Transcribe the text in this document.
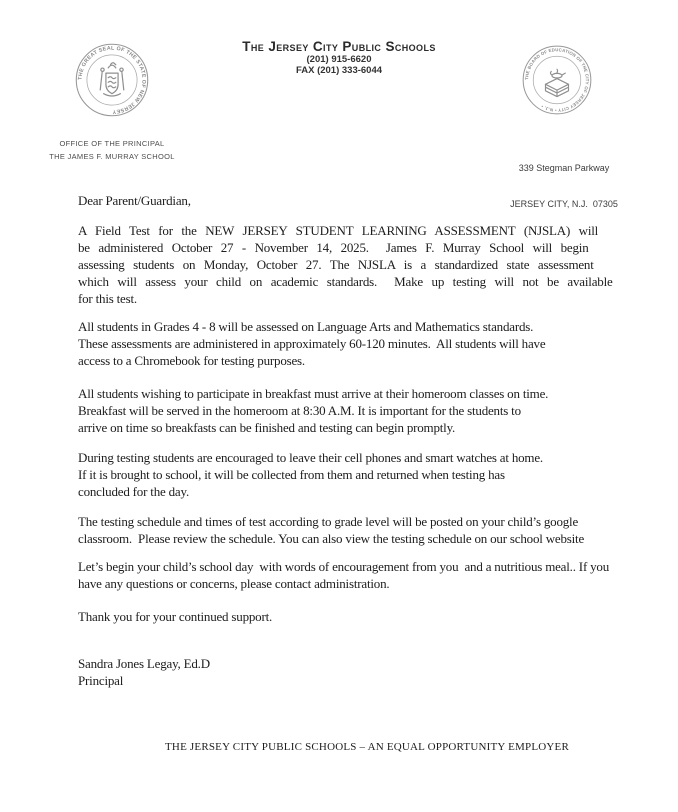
THE GREAT SEAL OF THE STATE OF NEW JERSEY
The Jersey City Public Schools
(201) 915-6620
FAX (201) 333-6044
THE BOARD OF EDUCATION OF THE CITY OF JERSEY CITY • N.J. •
OFFICE OF THE PRINCIPAL
THE JAMES F. MURRAY SCHOOL

339 Stegman Parkway

JERSEY CITY, N.J.  07305

Dear Parent/Guardian,
A Field Test for the NEW JERSEY STUDENT LEARNING ASSESSMENT (NJSLA) will
be administered October 27 - November 14, 2025.  James F. Murray School will begin
assessing students on Monday, October 27. The NJSLA is a standardized state assessment
which will assess your child on academic standards.  Make up testing will not be available
for this test.
All students in Grades 4 - 8 will be assessed on Language Arts and Mathematics standards.
These assessments are administered in approximately 60-120 minutes.  All students will have
access to a Chromebook for testing purposes.
All students wishing to participate in breakfast must arrive at their homeroom classes on time.
Breakfast will be served in the homeroom at 8:30 A.M. It is important for the students to
arrive on time so breakfasts can be finished and testing can begin promptly.
During testing students are encouraged to leave their cell phones and smart watches at home.
If it is brought to school, it will be collected from them and returned when testing has
concluded for the day.
The testing schedule and times of test according to grade level will be posted on your child’s google
classroom.  Please review the schedule. You can also view the testing schedule on our school website
Let’s begin your child’s school day  with words of encouragement from you  and a nutritious meal.. If you
have any questions or concerns, please contact administration.
Thank you for your continued support.
Sandra Jones Legay, Ed.D
Principal
THE JERSEY CITY PUBLIC SCHOOLS – AN EQUAL OPPORTUNITY EMPLOYER
